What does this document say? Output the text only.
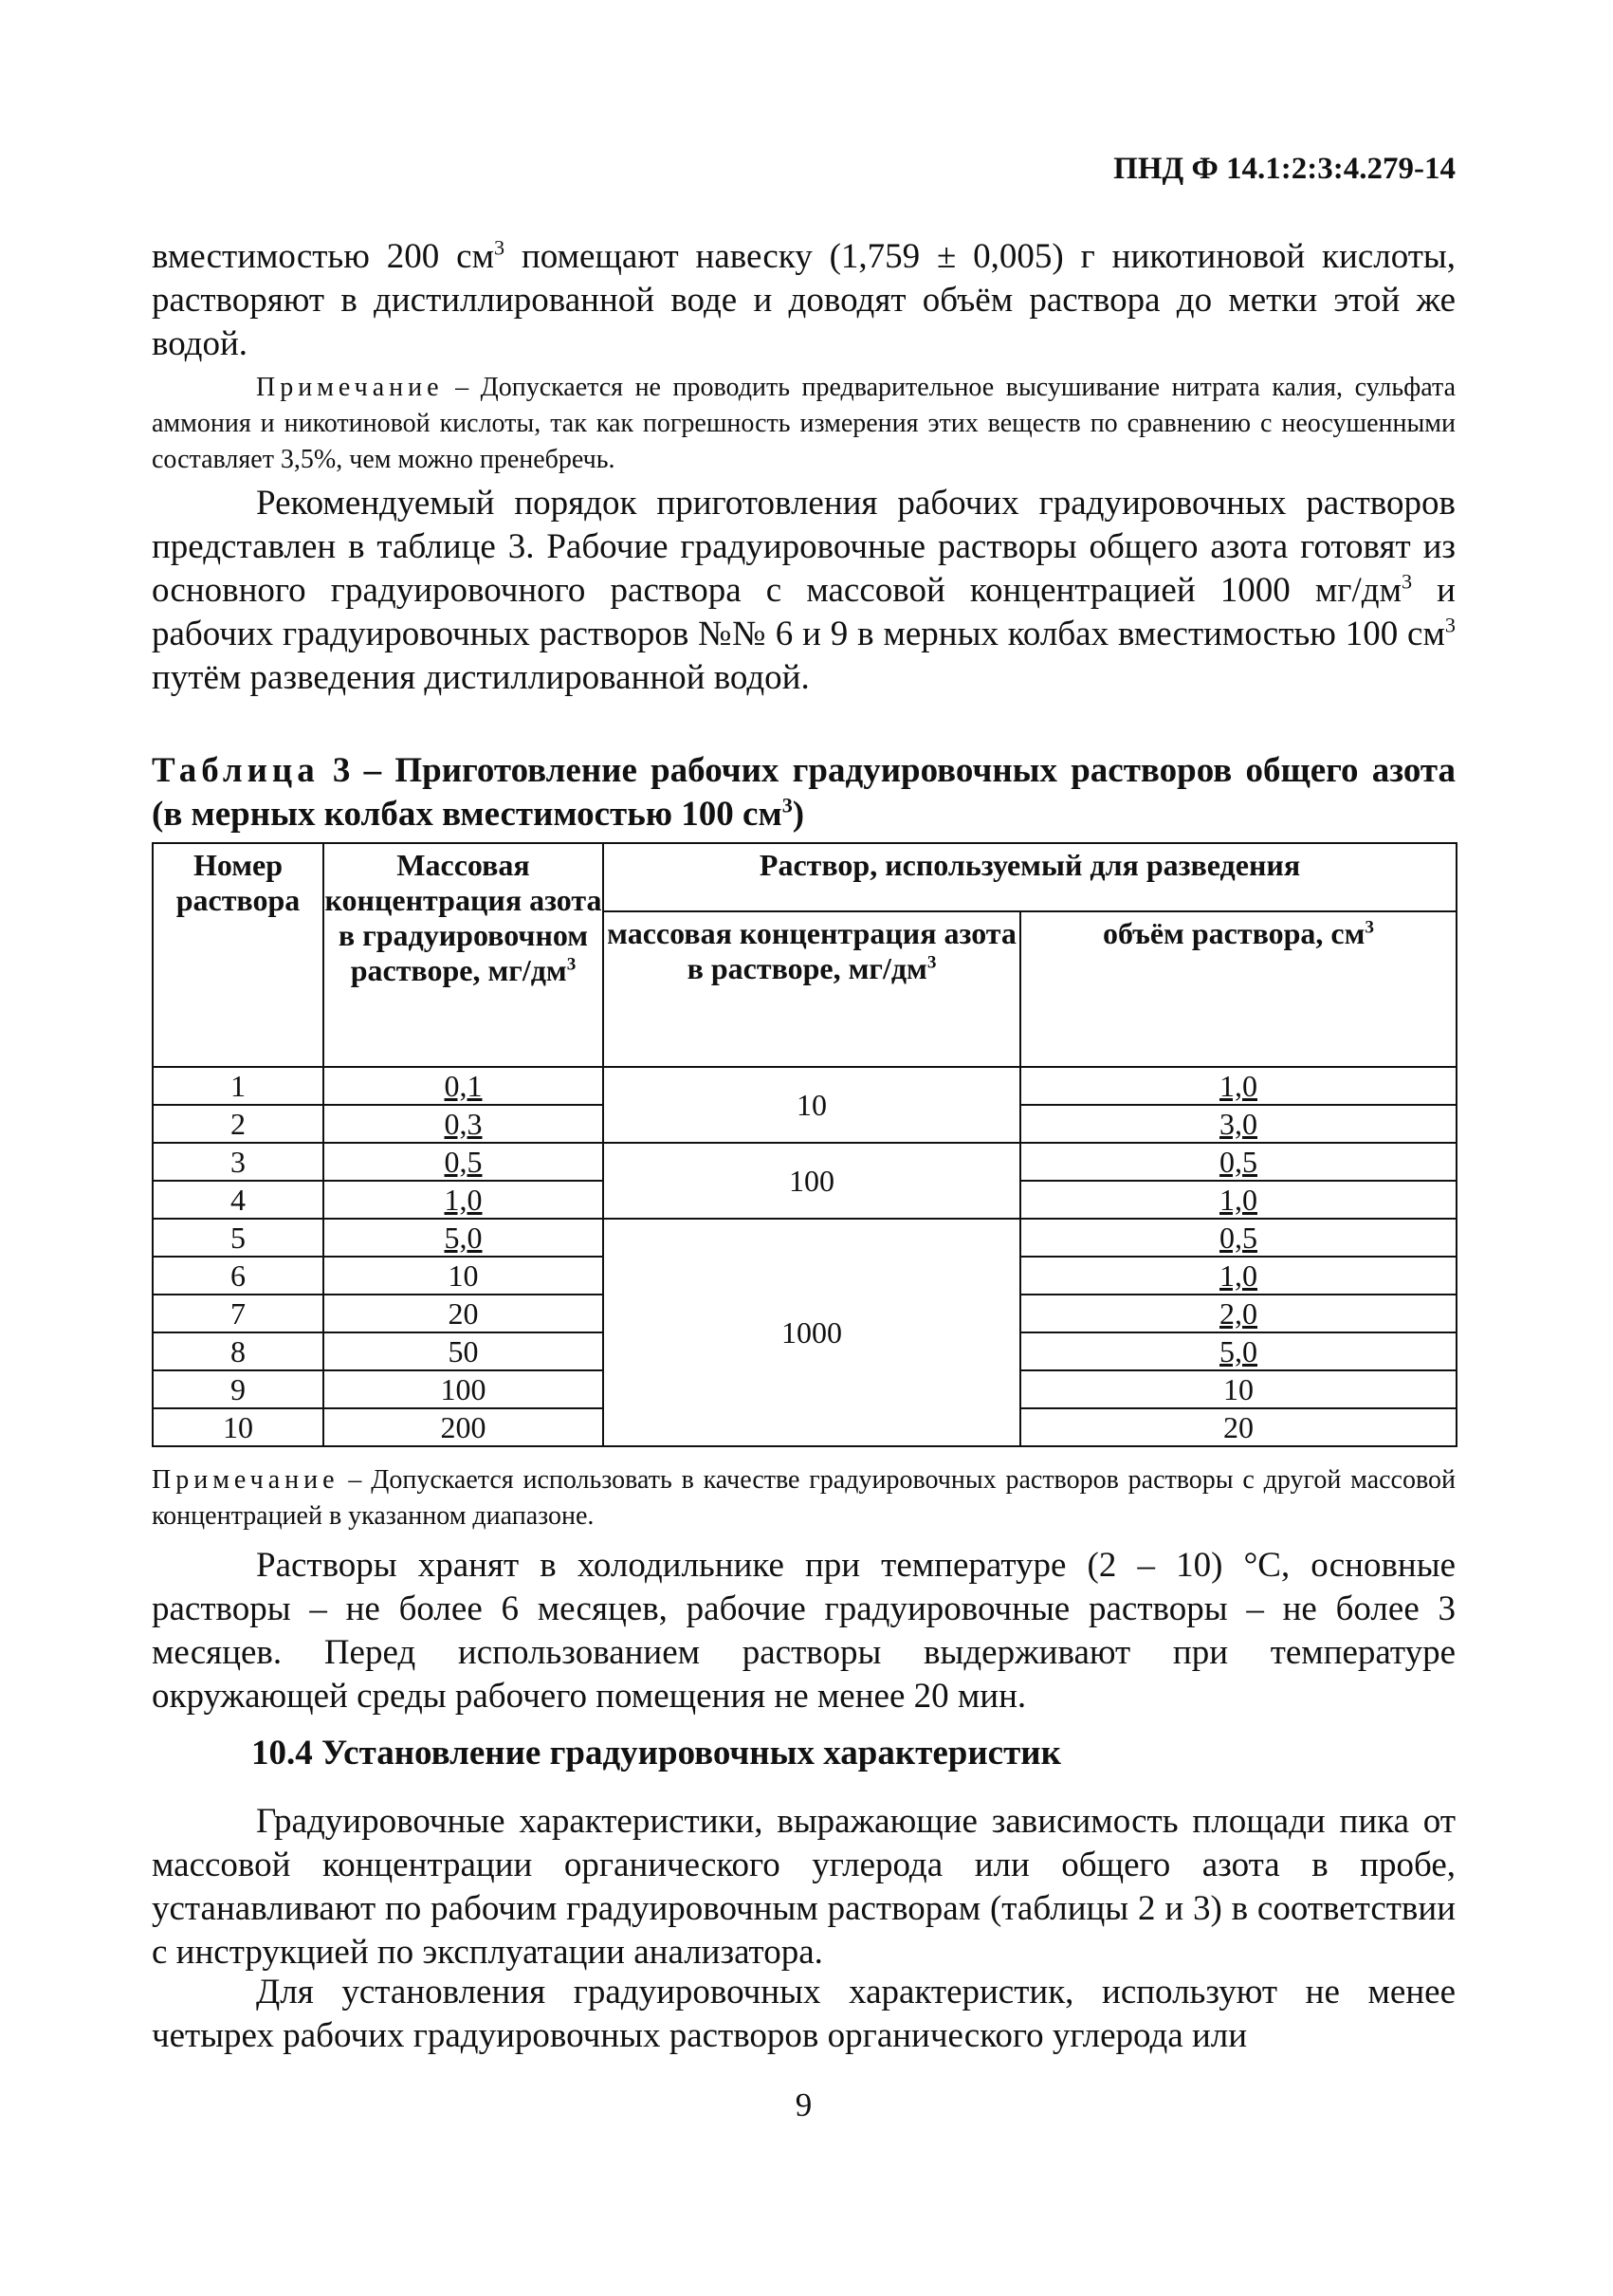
ПНД Ф 14.1:2:3:4.279-14
вместимостью 200 $см^3$ помещают навеску (1,759 ± 0,005) г никотиновой кислоты, растворяют в дистиллированной воде и доводят объём раствора до метки этой же водой.
Примечание – Допускается не проводить предварительное высушивание нитрата калия, сульфата аммония и никотиновой кислоты, так как погрешность измерения этих веществ по сравнению с неосушенными составляет 3,5%, чем можно пренебречь.
Рекомендуемый порядок приготовления рабочих градуировочных растворов представлен в таблице 3. Рабочие градуировочные растворы общего азота готовят из основного градуировочного раствора с массовой концентрацией 1000 $мг/дм^3$ и рабочих градуировочных растворов №№ 6 и 9 в мерных колбах вместимостью 100 $см^3$ путём разведения дистиллированной водой.
Таблица 3 – Приготовление рабочих градуировочных растворов общего азота (в мерных колбах вместимостью 100 $см^3$)
Номер раствора	Массовая концентрация азота в градуировочном растворе, $мг/дм^3$	Раствор, используемый для разведения	
		массовая концентрация азота в растворе, $мг/дм^3$	объём раствора, $см^3$
1	0,1	10	1,0
2	0,3		3,0
3	0,5	100	0,5
4	1,0		1,0
5	5,0	1000	0,5
6	10		1,0
7	20		2,0
8	50		5,0
9	100		10
10	200		20
Примечание – Допускается использовать в качестве градуировочных растворов растворы с другой массовой концентрацией в указанном диапазоне.
Растворы хранят в холодильнике при температуре (2 – 10) °С, основные растворы – не более 6 месяцев, рабочие градуировочные растворы – не более 3 месяцев. Перед использованием растворы выдерживают при температуре окружающей среды рабочего помещения не менее 20 мин.
10.4 Установление градуировочных характеристик
Градуировочные характеристики, выражающие зависимость площади пика от массовой концентрации органического углерода или общего азота в пробе, устанавливают по рабочим градуировочным растворам (таблицы 2 и 3) в соответствии с инструкцией по эксплуатации анализатора.
Для установления градуировочных характеристик, используют не менее четырех рабочих градуировочных растворов органического углерода или
9
